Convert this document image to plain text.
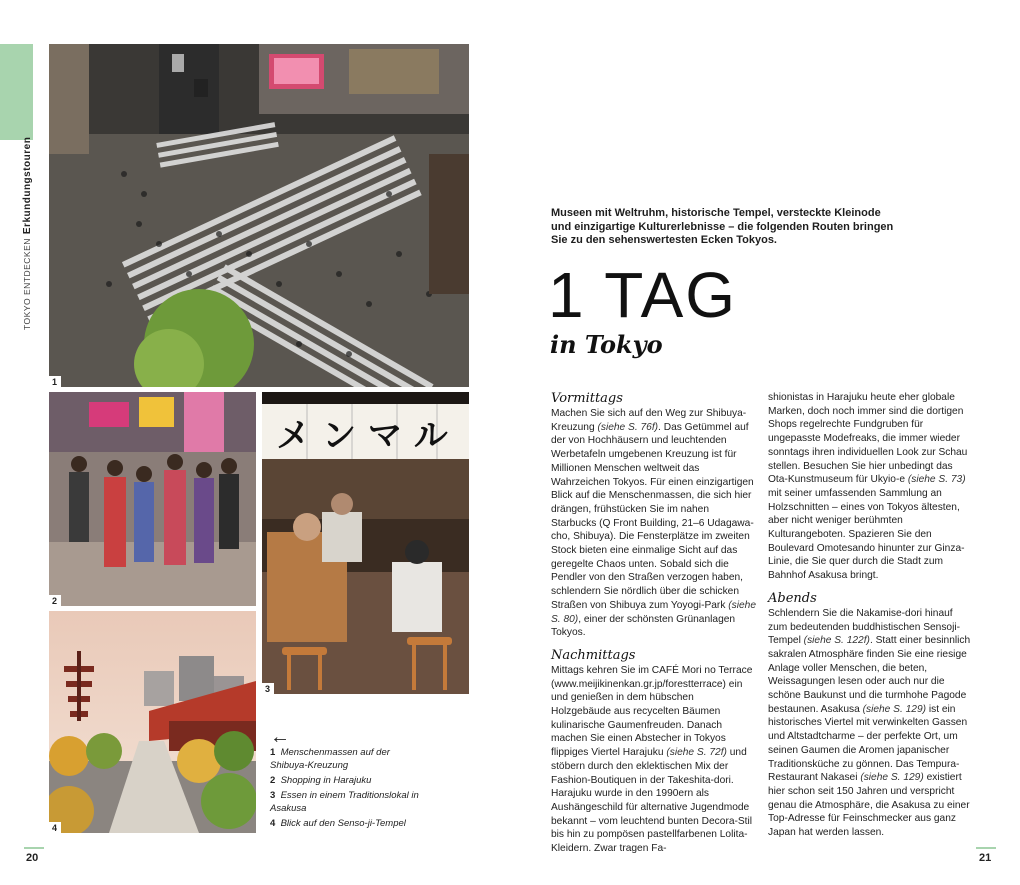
TOKYO ENTDECKENErkundungstouren
1
2
メ ン マ ル
3
4
←
1 Menschenmassen auf der Shibuya-Kreuzung
2 Shopping in Harajuku
3 Essen in einem Traditionslokal in Asakusa
4 Blick auf den Senso-ji-Tempel
20
Museen mit Weltruhm, historische Tempel, versteckte Kleinode und einzigartige Kulturerlebnisse – die folgenden Routen bringen Sie zu den sehenswertesten Ecken Tokyos.
1 TAG
in Tokyo
Vormittags

Machen Sie sich auf den Weg zur Shibuya-Kreuzung (siehe S. 76f). Das Getümmel auf der von Hochhäusern und leuchtenden Werbetafeln umgebenen Kreuzung ist für Millionen Menschen weltweit das Wahrzeichen Tokyos. Für einen einzigartigen Blick auf die Menschenmassen, die sich hier drängen, frühstücken Sie im nahen Starbucks (Q Front Building, 21–6 Udagawa-cho, Shibuya). Die Fensterplätze im zweiten Stock bieten eine einmalige Sicht auf das geregelte Chaos unten. Sobald sich die Pendler von den Straßen verzogen haben, schlendern Sie nördlich über die schicken Straßen von Shibuya zum Yoyogi-Park (siehe S. 80), einer der schönsten Grünanlagen Tokyos.

Nachmittags

Mittags kehren Sie im CAFÉ Mori no Terrace (www.meijikinenkan.gr.jp/forestterrace) ein und genießen in dem hübschen Holzgebäude aus recycelten Bäumen kulinarische Gaumenfreuden. Danach machen Sie einen Abstecher in Tokyos flippiges Viertel Harajuku (siehe S. 72f) und stöbern durch den eklektischen Mix der Fashion-Boutiquen in der Takeshita-dori. Harajuku wurde in den 1990ern als Aushängeschild für alternative Jugendmode bekannt – vom leuchtend bunten Decora-Stil bis hin zu pompösen pastellfarbenen Lolita-Kleidern. Zwar tragen Fa-

shionistas in Harajuku heute eher globale Marken, doch noch immer sind die dortigen Shops regelrechte Fundgruben für ungepasste Modefreaks, die immer wieder sonntags ihren individuellen Look zur Schau stellen. Besuchen Sie hier unbedingt das Ota-Kunstmuseum für Ukyio-e (siehe S. 73) mit seiner umfassenden Sammlung an Holzschnitten – eines von Tokyos ältesten, aber nicht weniger berühmten Kulturangeboten. Spazieren Sie den Boulevard Omotesando hinunter zur Ginza-Linie, die Sie quer durch die Stadt zum Bahnhof Asakusa bringt.

Abends

Schlendern Sie die Nakamise-dori hinauf zum bedeutenden buddhistischen Sensoji-Tempel (siehe S. 122f). Statt einer besinnlich sakralen Atmosphäre finden Sie eine riesige Anlage voller Menschen, die beten, Weissagungen lesen oder auch nur die schöne Baukunst und die turmhohe Pagode bestaunen. Asakusa (siehe S. 129) ist ein historisches Viertel mit verwinkelten Gassen und Altstadtcharme – der perfekte Ort, um seinen Gaumen die Aromen japanischer Traditionsküche zu gönnen. Das Tempura-Restaurant Nakasei (siehe S. 129) existiert hier schon seit 150 Jahren und verspricht genau die Atmosphäre, die Asakusa zu einer Top-Adresse für Feinschmecker aus ganz Japan hat werden lassen.

21
